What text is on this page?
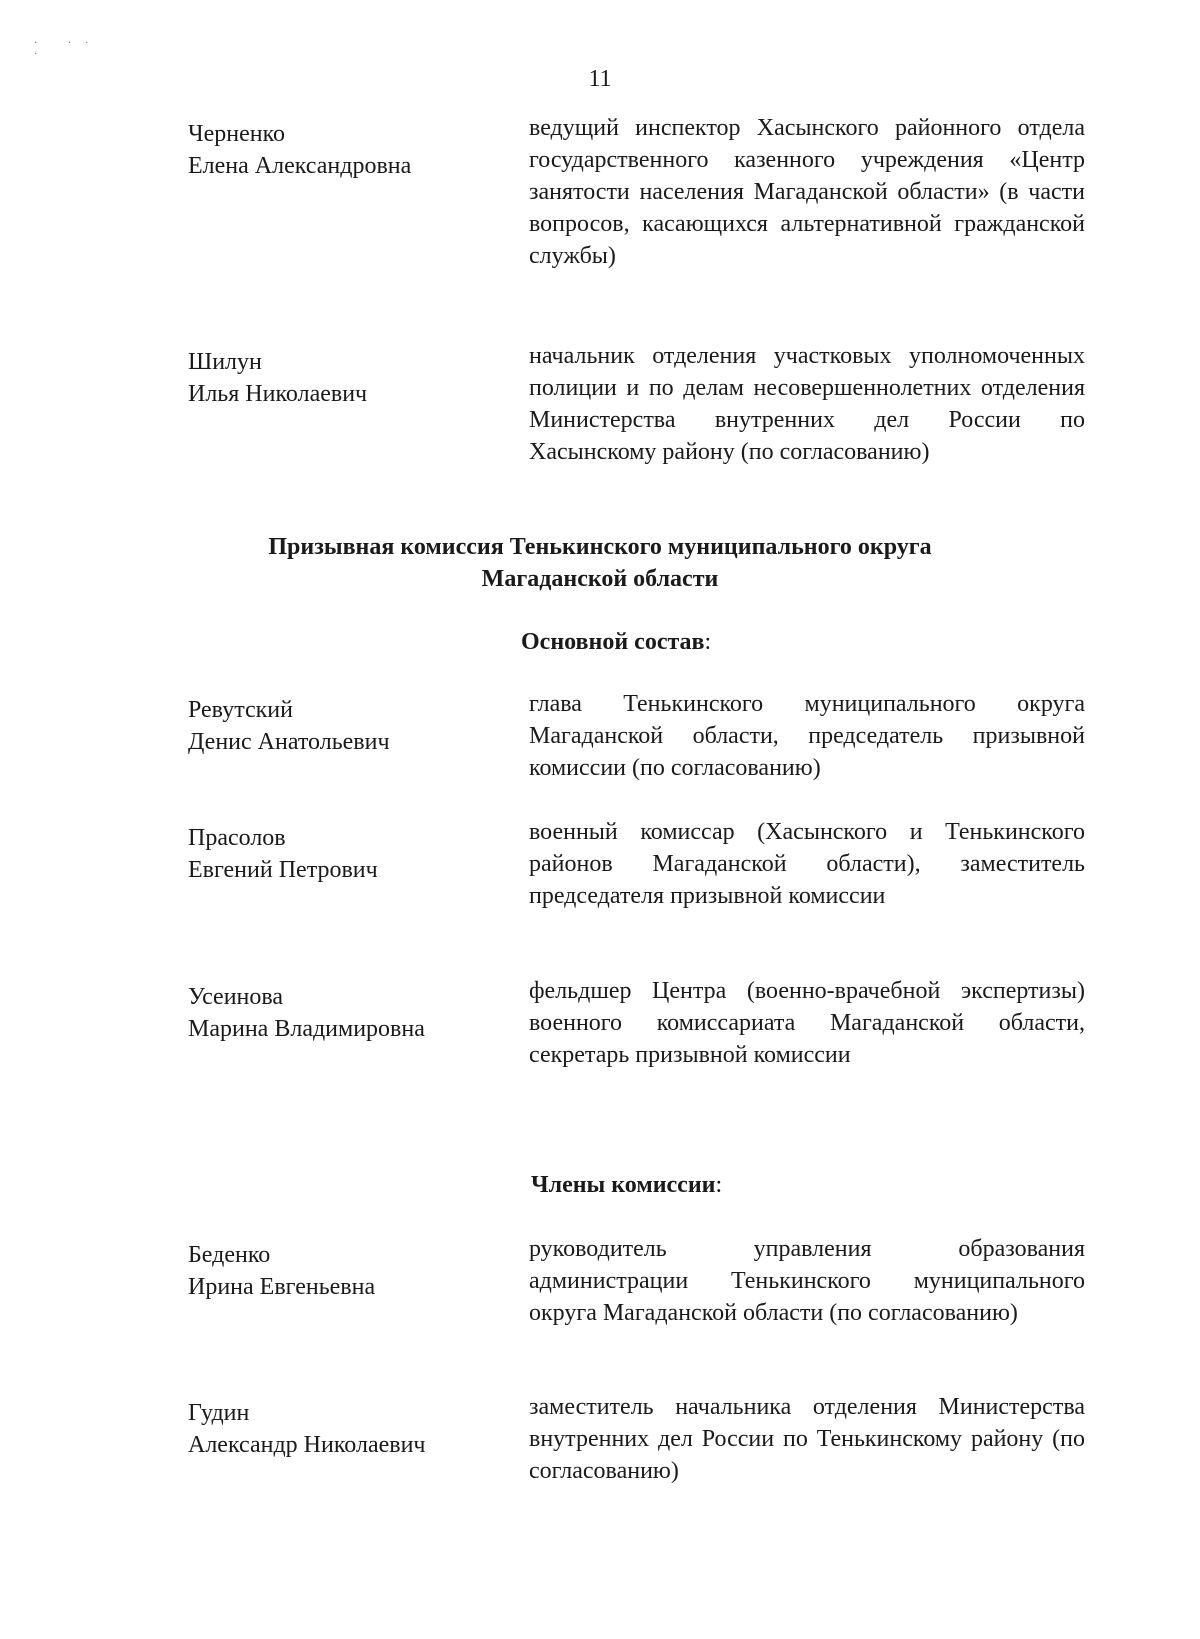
· ·· ·
11
Черненко
Елена Александровна
ведущий инспектор Хасынского районного отдела государственного казенного учреждения «Центр занятости населения Магаданской области» (в части вопросов, касающихся альтернативной гражданской службы)
Шилун
Илья Николаевич
начальник отделения участковых уполномоченных полиции и по делам несовершеннолетних отделения Министерства внутренних дел России по Хасынскому району (по согласованию)
Призывная комиссия Тенькинского муниципального округа
Магаданской области
Основной состав:
Ревутский
Денис Анатольевич
глава Тенькинского муниципального округа Магаданской области, председатель призывной комиссии (по согласованию)
Прасолов
Евгений Петрович
военный комиссар (Хасынского и Тенькинского районов Магаданской области), заместитель председателя призывной комиссии
Усеинова
Марина Владимировна
фельдшер Центра (военно-врачебной экспертизы) военного комиссариата Магаданской области, секретарь призывной комиссии
Члены комиссии:
Беденко
Ирина Евгеньевна
руководитель управления образования администрации Тенькинского муниципального округа Магаданской области (по согласованию)
Гудин
Александр Николаевич
заместитель начальника отделения Министерства внутренних дел России по Тенькинскому району (по согласованию)
